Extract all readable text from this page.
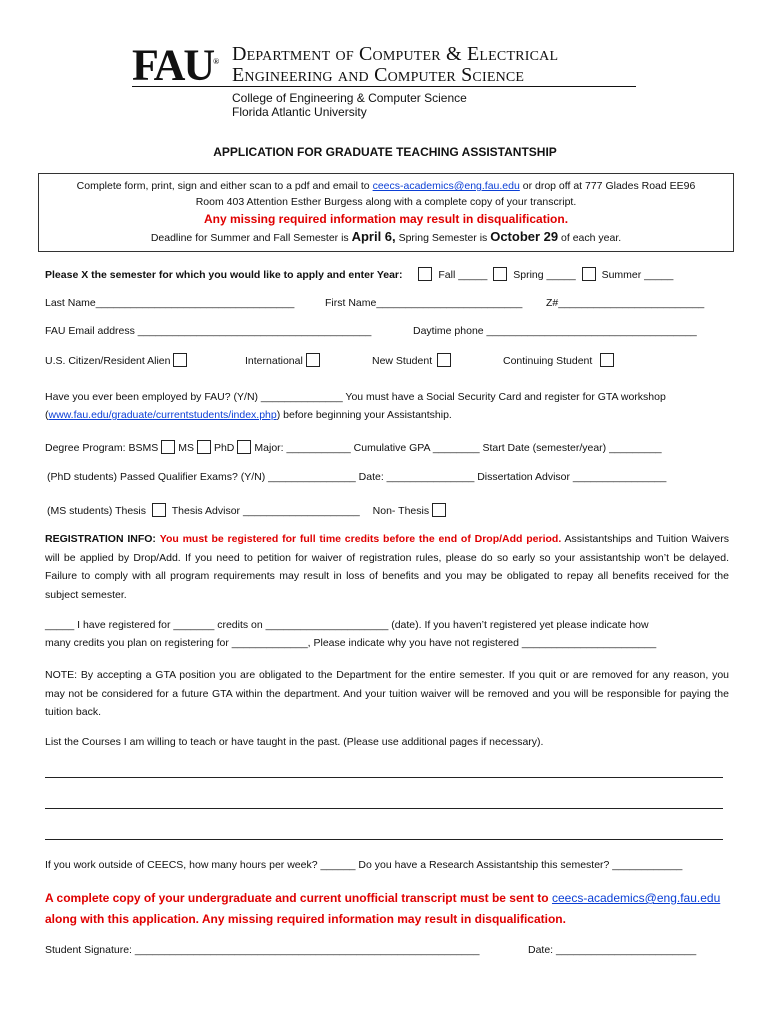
FAU® Department of Computer & Electrical
Engineering and Computer Science
College of Engineering & Computer Science
Florida Atlantic University
APPLICATION FOR GRADUATE TEACHING ASSISTANTSHIP
Complete form, print, sign and either scan to a pdf and email to ceecs-academics@eng.fau.edu or drop off at 777 Glades Road EE96
Room 403 Attention Esther Burgess along with a complete copy of your transcript.
Any missing required information may result in disqualification.
Deadline for Summer and Fall Semester is April 6, Spring Semester is October 29 of each year.
Please X the semester for which you would like to apply and enter Year:	Fall _____ Spring _____ Summer _____
Last Name__________________________________	First Name_________________________ Z#_________________________
FAU Email address ________________________________________	Daytime phone ____________________________________
U.S. Citizen/Resident Alien	International	New Student	Continuing Student
Have you ever been employed by FAU? (Y/N) ______________ You must have a Social Security Card and register for GTA workshop
(www.fau.edu/graduate/currentstudents/index.php) before beginning your Assistantship.
Degree Program: BSMS MS PhD Major: ___________ Cumulative GPA ________ Start Date (semester/year) _________
(PhD students) Passed Qualifier Exams? (Y/N) _______________ Date: _______________ Dissertation Advisor ________________
(MS students) Thesis Thesis Advisor ____________________ Non- Thesis
REGISTRATION INFO: You must be registered for full time credits before the end of Drop/Add period. Assistantships and Tuition Waivers will be applied by Drop/Add. If you need to petition for waiver of registration rules, please do so early so your assistantship won’t be delayed. Failure to comply with all program requirements may result in loss of benefits and you may be obligated to repay all benefits received for the subject semester.
_____ I have registered for _______ credits on _____________________ (date). If you haven’t registered yet please indicate how
many credits you plan on registering for _____________, Please indicate why you have not registered _______________________
NOTE: By accepting a GTA position you are obligated to the Department for the entire semester. If you quit or are removed for any reason, you may not be considered for a future GTA within the department. And your tuition waiver will be removed and you will be responsible for paying the tuition back.
List the Courses I am willing to teach or have taught in the past. (Please use additional pages if necessary).
If you work outside of CEECS, how many hours per week? ______ Do you have a Research Assistantship this semester? ____________
A complete copy of your undergraduate and current unofficial transcript must be sent to ceecs-academics@eng.fau.edu
along with this application. Any missing required information may result in disqualification.
Student Signature: ___________________________________________________________	Date: ________________________
